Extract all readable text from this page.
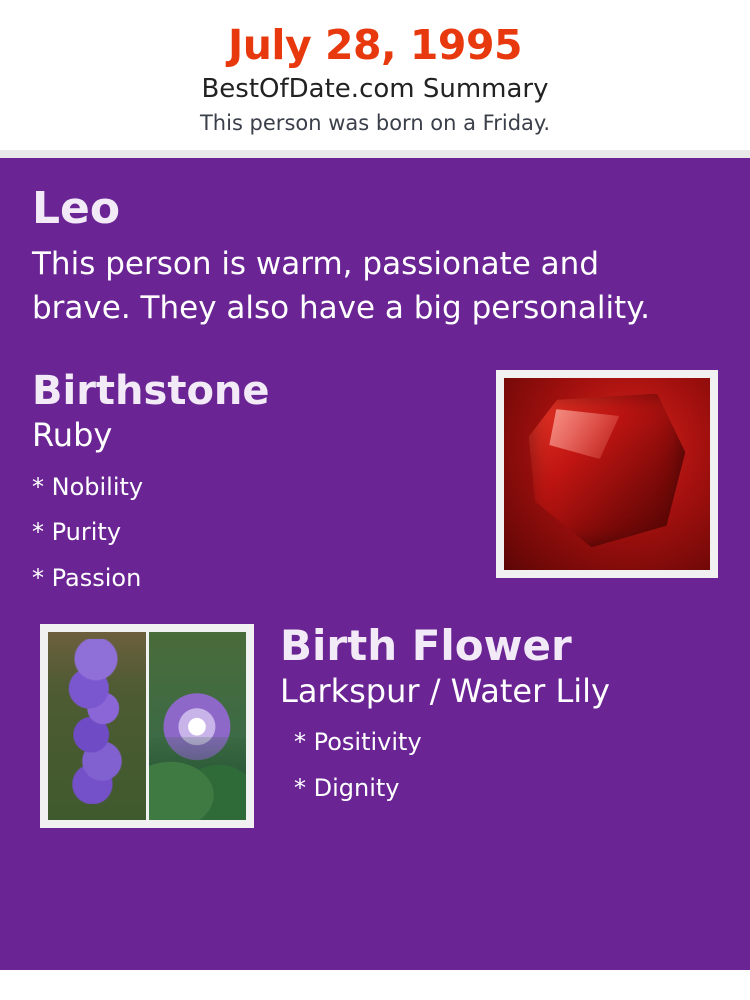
July 28, 1995
BestOfDate.com Summary
This person was born on a Friday.
Leo
This person is warm, passionate and brave. They also have a big personality.
Birthstone
Ruby
* Nobility
* Purity
* Passion
Birth Flower
Larkspur / Water Lily
* Positivity
* Dignity
